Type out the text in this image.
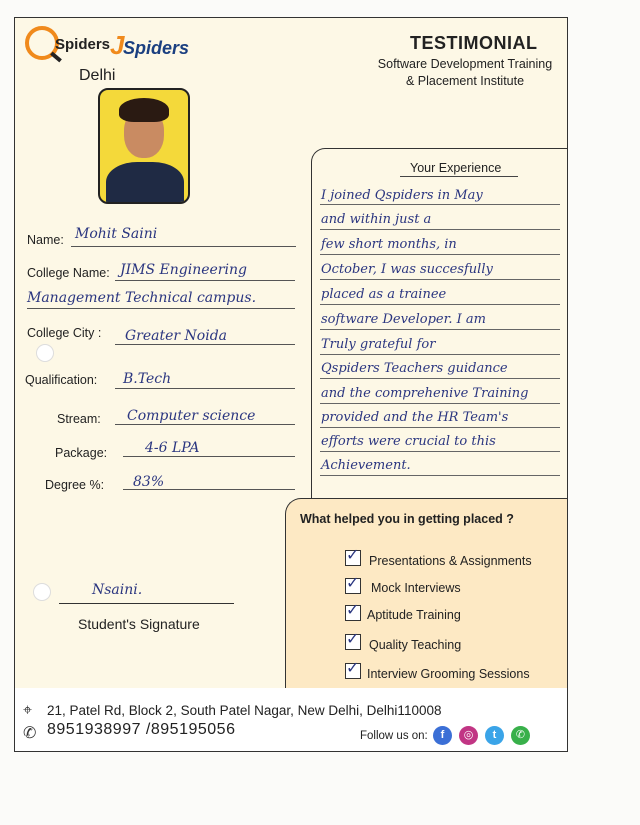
Spiders J
Spiders
Delhi
TESTIMONIAL
Software Development Training
& Placement Institute
Name: Mohit Saini
College Name: JIMS Engineering
Management Technical campus.
College City : Greater Noida
Qualification: B.Tech
Stream: Computer science
Package:	4-6 LPA
Degree %: 83%
Your Experience
I joined Qspiders in May
and within just a
few short months, in
October, I was succesfully
placed as a trainee
software Developer. I am
Truly grateful for
Qspiders Teachers guidance
and the comprehenive Training
provided and the HR Team's
efforts were crucial to this
Achievement.
What helped you in getting placed ?
✓ Presentations & Assignments
✓ Mock Interviews
✓ Aptitude Training
✓ Quality Teaching
✓ Interview Grooming Sessions
Nsaini.
Student's Signature
⌖ 21, Patel Rd, Block 2, South Patel Nagar, New Delhi, Delhi110008
✆ 8951938997 /895195056	Follow us on:	f	◎	t	✆
